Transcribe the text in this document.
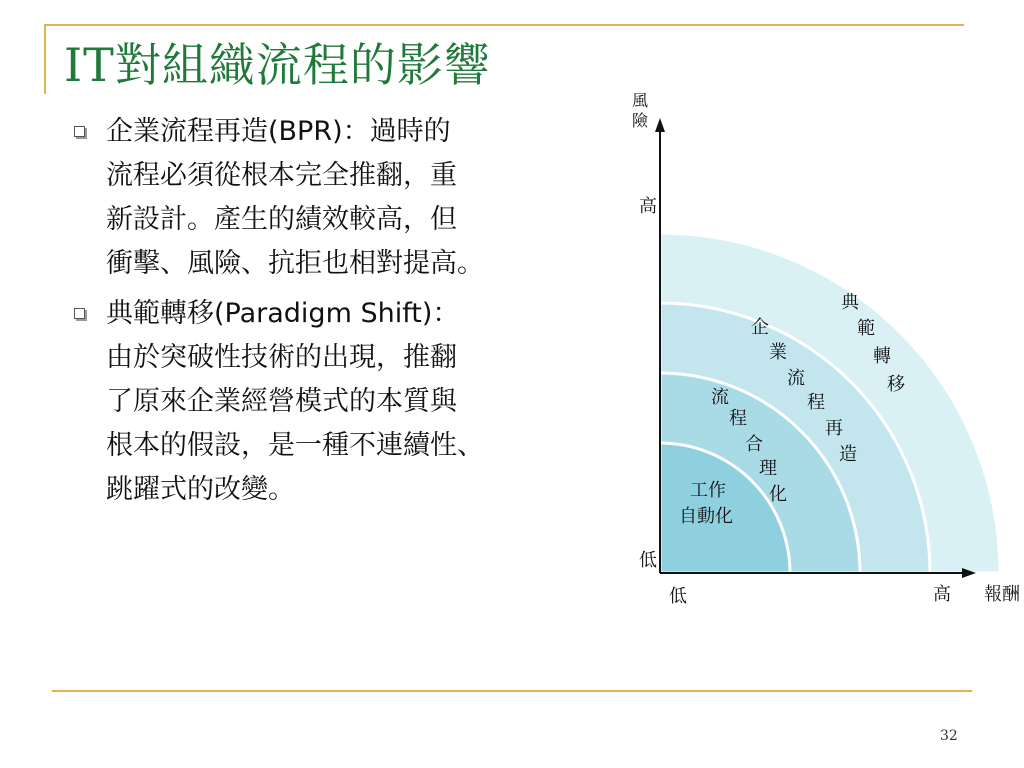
IT對組織流程的影響
企業流程再造(BPR)：過時的
流程必須從根本完全推翻，重
新設計。產生的績效較高，但
衝擊、風險、抗拒也相對提高。
典範轉移(Paradigm Shift)：
由於突破性技術的出現，推翻
了原來企業經營模式的本質與
根本的假設，是一種不連續性、
跳躍式的改變。
風
險
高
低
低	高 報酬
工作
自動化
流
程
合
理
化
企
業
流
程
再
造
典
範
轉
移
32
